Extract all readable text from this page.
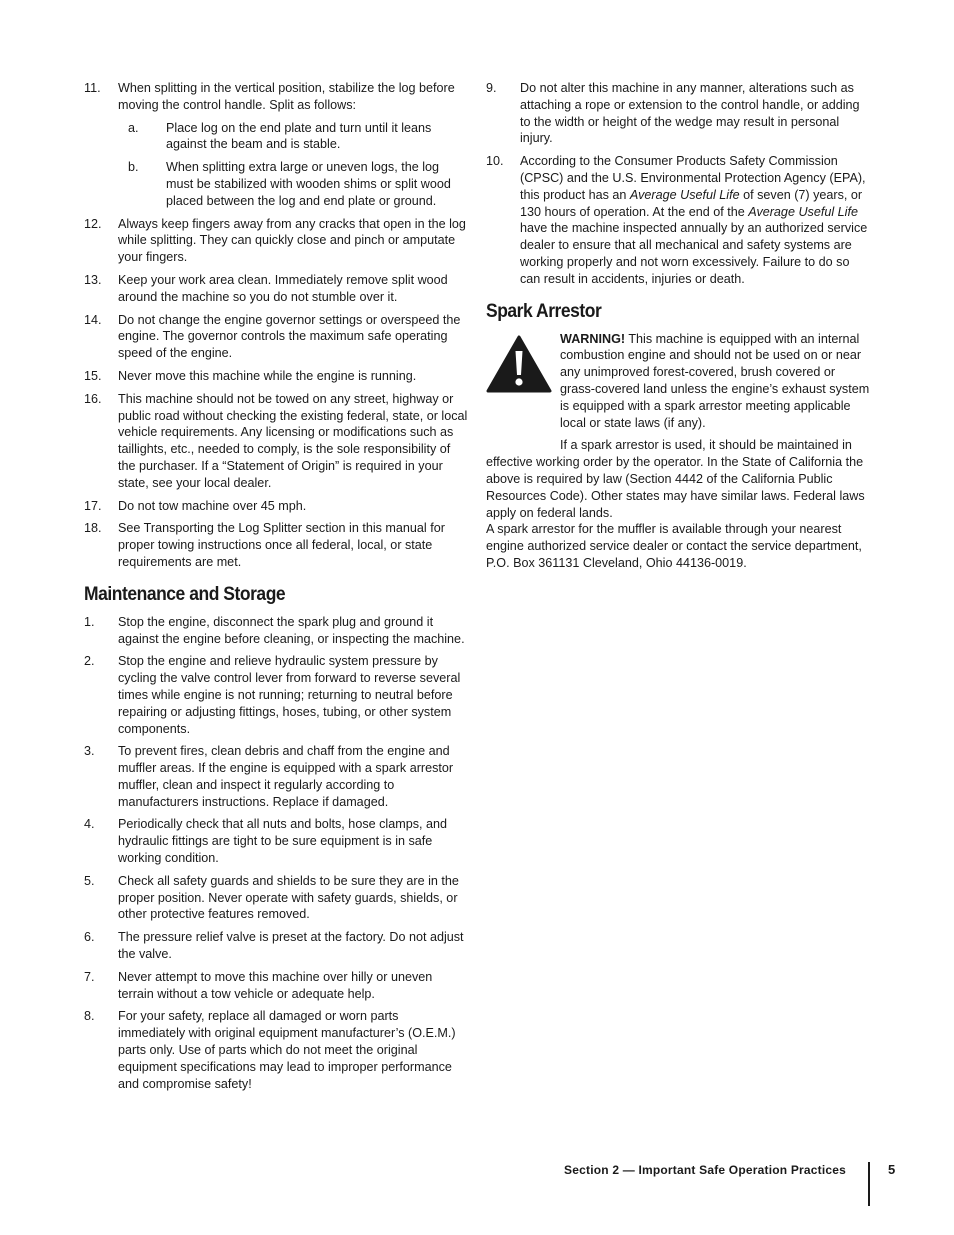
11.	When splitting in the vertical position, stabilize the log before moving the control handle. Split as follows:
a.	Place log on the end plate and turn until it leans against the beam and is stable.
b.	When splitting extra large or uneven logs, the log must be stabilized with wooden shims or split wood placed between the log and end plate or ground.
12.	Always keep fingers away from any cracks that open in the log while splitting. They can quickly close and pinch or amputate your fingers.
13.	Keep your work area clean. Immediately remove split wood around the machine so you do not stumble over it.
14.	Do not change the engine governor settings or overspeed the engine. The governor controls the maximum safe operating speed of the engine.
15.	Never move this machine while the engine is running.
16.	This machine should not be towed on any street, highway or public road without checking the existing federal, state, or local vehicle requirements. Any licensing or modifications such as taillights, etc., needed to comply, is the sole responsibility of the purchaser. If a “Statement of Origin” is required in your state, see your local dealer.
17.	Do not tow machine over 45 mph.
18.	See Transporting the Log Splitter section in this manual for proper towing instructions once all federal, local, or state requirements are met.
Maintenance and Storage
1.	Stop the engine, disconnect the spark plug and ground it against the engine before cleaning, or inspecting the machine.
2.	Stop the engine and relieve hydraulic system pressure by cycling the valve control lever from forward to reverse several times while engine is not running; returning to neutral before repairing or adjusting fittings, hoses, tubing, or other system components.
3.	To prevent fires, clean debris and chaff from the engine and muffler areas. If the engine is equipped with a spark arrestor muffler, clean and inspect it regularly according to manufacturers instructions. Replace if damaged.
4.	Periodically check that all nuts and bolts, hose clamps, and hydraulic fittings are tight to be sure equipment is in safe working condition.
5.	Check all safety guards and shields to be sure they are in the proper position. Never operate with safety guards, shields, or other protective features removed.
6.	The pressure relief valve is preset at the factory. Do not adjust the valve.
7.	Never attempt to move this machine over hilly or uneven terrain without a tow vehicle or adequate help.
8.	For your safety, replace all damaged or worn parts immediately with original equipment manufacturer’s (O.E.M.) parts only. Use of parts which do not meet the original equipment specifications may lead to improper performance and compromise safety!
9.	Do not alter this machine in any manner, alterations such as attaching a rope or extension to the control handle, or adding to the width or height of the wedge may result in personal injury.
10.	According to the Consumer Products Safety Commission (CPSC) and the U.S. Environmental Protection Agency (EPA), this product has an Average Useful Life of seven (7) years, or 130 hours of operation. At the end of the Average Useful Life have the machine inspected annually by an authorized service dealer to ensure that all mechanical and safety systems are working properly and not worn excessively. Failure to do so can result in accidents, injuries or death.
Spark Arrestor
WARNING! This machine is equipped with an internal combustion engine and should not be used on or near any unimproved forest-covered, brush covered or grass-covered land unless the engine’s exhaust system is equipped with a spark arrestor meeting applicable local or state laws (if any).
If a spark arrestor is used, it should be maintained in effective working order by the operator. In the State of California the above is required by law (Section 4442 of the California Public Resources Code). Other states may have similar laws. Federal laws apply on federal lands.
A spark arrestor for the muffler is available through your nearest engine authorized service dealer or contact the service department, P.O. Box 361131 Cleveland, Ohio 44136-0019.
Section 2 — Important Safe Operation Practices	5
